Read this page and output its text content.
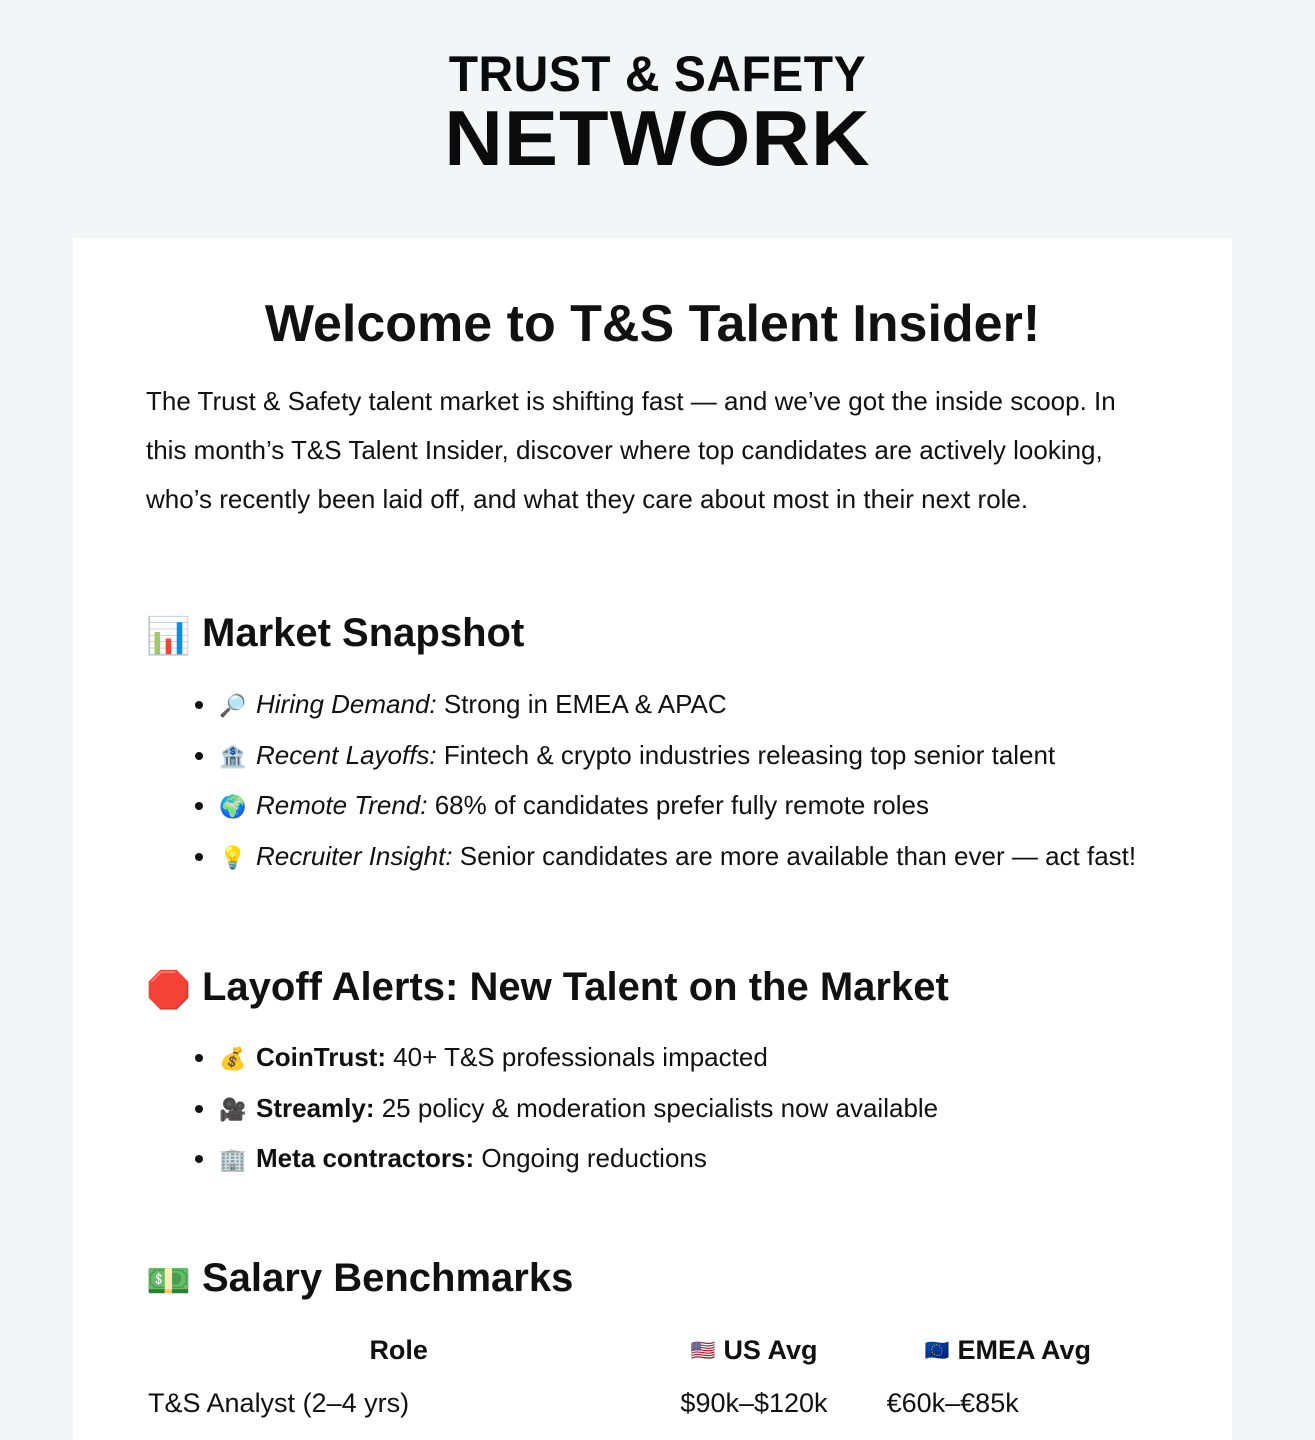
TRUST & SAFETY
NETWORK
Welcome to T&S Talent Insider!

The Trust & Safety talent market is shifting fast — and we’ve got the inside scoop. In this month’s T&S Talent Insider, discover where top candidates are actively looking, who’s recently been laid off, and what they care about most in their next role.

📊 Market Snapshot
• 🔎 Hiring Demand: Strong in EMEA & APAC
• 🏦 Recent Layoffs: Fintech & crypto industries releasing top senior talent
• 🌍 Remote Trend: 68% of candidates prefer fully remote roles
• 💡 Recruiter Insight: Senior candidates are more available than ever — act fast!
🛑 Layoff Alerts: New Talent on the Market
• 💰 CoinTrust: 40+ T&S professionals impacted
• 🎥 Streamly: 25 policy & moderation specialists now available
• 🏢 Meta contractors: Ongoing reductions
💵 Salary Benchmarks
Role	🇺🇸 US Avg	🇪🇺 EMEA Avg
T&S Analyst (2–4 yrs)	$90k–$120k	€60k–€85k
